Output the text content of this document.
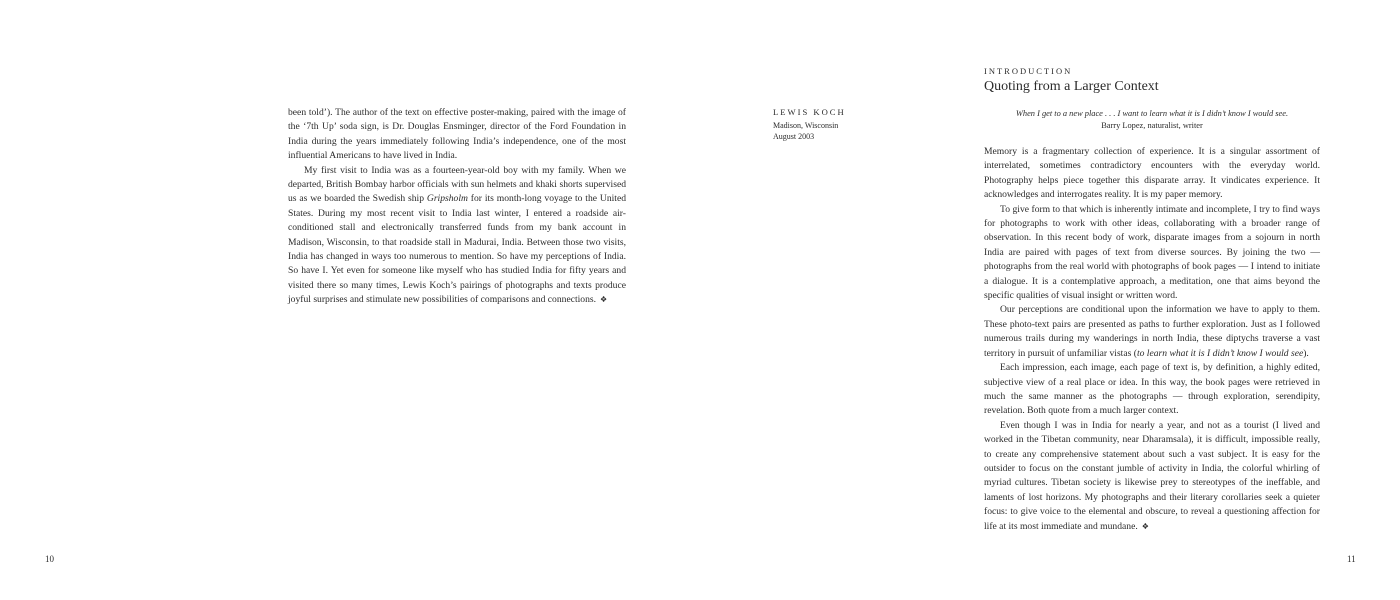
been told’). The author of the text on effective poster-making, paired with the image of the ‘7th Up’ soda sign, is Dr. Douglas Ensminger, director of the Ford Foundation in India during the years immediately following India’s independence, one of the most influential Americans to have lived in India.

My first visit to India was as a fourteen-year-old boy with my family. When we departed, British Bombay harbor officials with sun helmets and khaki shorts supervised us as we boarded the Swedish ship Gripsholm for its month-long voyage to the United States. During my most recent visit to India last winter, I entered a roadside air-conditioned stall and electronically transferred funds from my bank account in Madison, Wisconsin, to that roadside stall in Madurai, India. Between those two visits, India has changed in ways too numerous to mention. So have my perceptions of India. So have I. Yet even for someone like myself who has studied India for fifty years and visited there so many times, Lewis Koch’s pairings of photographs and texts produce joyful surprises and stimulate new possibilities of comparisons and connections. ❖

10
LEWIS KOCH
Madison, Wisconsin
August 2003
INTRODUCTION
Quoting from a Larger Context
When I get to a new place . . . I want to learn what it is I didn’t know I would see.
Barry Lopez, naturalist, writer

Memory is a fragmentary collection of experience. It is a singular assortment of interrelated, sometimes contradictory encounters with the everyday world. Photography helps piece together this disparate array. It vindicates experience. It acknowledges and interrogates reality. It is my paper memory.

To give form to that which is inherently intimate and incomplete, I try to find ways for photographs to work with other ideas, collaborating with a broader range of observation. In this recent body of work, disparate images from a sojourn in north India are paired with pages of text from diverse sources. By joining the two — photographs from the real world with photographs of book pages — I intend to initiate a dialogue. It is a contemplative approach, a meditation, one that aims beyond the specific qualities of visual insight or written word.

Our perceptions are conditional upon the information we have to apply to them. These photo-text pairs are presented as paths to further exploration. Just as I followed numerous trails during my wanderings in north India, these diptychs traverse a vast territory in pursuit of unfamiliar vistas (to learn what it is I didn’t know I would see).

Each impression, each image, each page of text is, by definition, a highly edited, subjective view of a real place or idea. In this way, the book pages were retrieved in much the same manner as the photographs — through exploration, serendipity, revelation. Both quote from a much larger context.

Even though I was in India for nearly a year, and not as a tourist (I lived and worked in the Tibetan community, near Dharamsala), it is difficult, impossible really, to create any comprehensive statement about such a vast subject. It is easy for the outsider to focus on the constant jumble of activity in India, the colorful whirling of myriad cultures. Tibetan society is likewise prey to stereotypes of the ineffable, and laments of lost horizons. My photographs and their literary corollaries seek a quieter focus: to give voice to the elemental and obscure, to reveal a questioning affection for life at its most immediate and mundane. ❖

11
